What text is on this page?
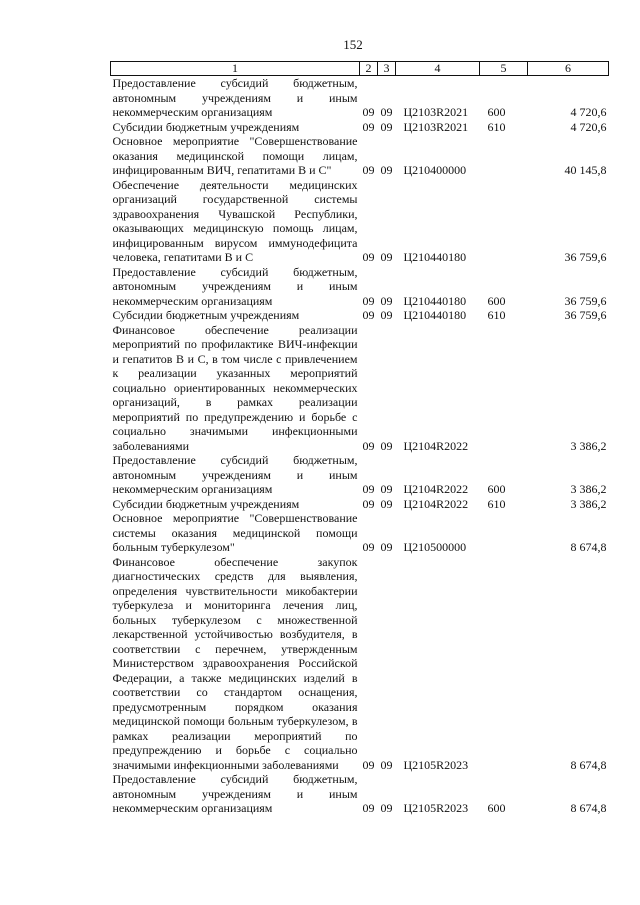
152
1	2	3	4	5	6
Предоставление субсидий бюджетным, автономным учреждениям и иным некоммерческим организациям	09	09	Ц2103R2021	600	4 720,6
Субсидии бюджетным учреждениям	09	09	Ц2103R2021	610	4 720,6
Основное мероприятие "Совершенствование оказания медицинской помощи лицам, инфицированным ВИЧ, гепатитами В и С"	09	09	Ц210400000		40 145,8
Обеспечение деятельности медицинских организаций государственной системы здравоохранения Чувашской Республики, оказывающих медицинскую помощь лицам, инфицированным вирусом иммунодефицита человека, гепатитами В и С	09	09	Ц210440180		36 759,6
Предоставление субсидий бюджетным, автономным учреждениям и иным некоммерческим организациям	09	09	Ц210440180	600	36 759,6
Субсидии бюджетным учреждениям	09	09	Ц210440180	610	36 759,6
Финансовое обеспечение реализации мероприятий по профилактике ВИЧ-инфекции и гепатитов В и С, в том числе с привлечением к реализации указанных мероприятий социально ориентированных некоммерческих организаций, в рамках реализации мероприятий по предупреждению и борьбе с социально значимыми инфекционными заболеваниями	09	09	Ц2104R2022		3 386,2
Предоставление субсидий бюджетным, автономным учреждениям и иным некоммерческим организациям	09	09	Ц2104R2022	600	3 386,2
Субсидии бюджетным учреждениям	09	09	Ц2104R2022	610	3 386,2
Основное мероприятие "Совершенствование системы оказания медицинской помощи больным туберкулезом"	09	09	Ц210500000		8 674,8
Финансовое обеспечение закупок диагностических средств для выявления, определения чувствительности микобактерии туберкулеза и мониторинга лечения лиц, больных туберкулезом с множественной лекарственной устойчивостью возбудителя, в соответствии с перечнем, утвержденным Министерством здравоохранения Российской Федерации, а также медицинских изделий в соответствии со стандартом оснащения, предусмотренным порядком оказания медицинской помощи больным туберкулезом, в рамках реализации мероприятий по предупреждению и борьбе с социально значимыми инфекционными заболеваниями	09	09	Ц2105R2023		8 674,8
Предоставление субсидий бюджетным, автономным учреждениям и иным некоммерческим организациям	09	09	Ц2105R2023	600	8 674,8
